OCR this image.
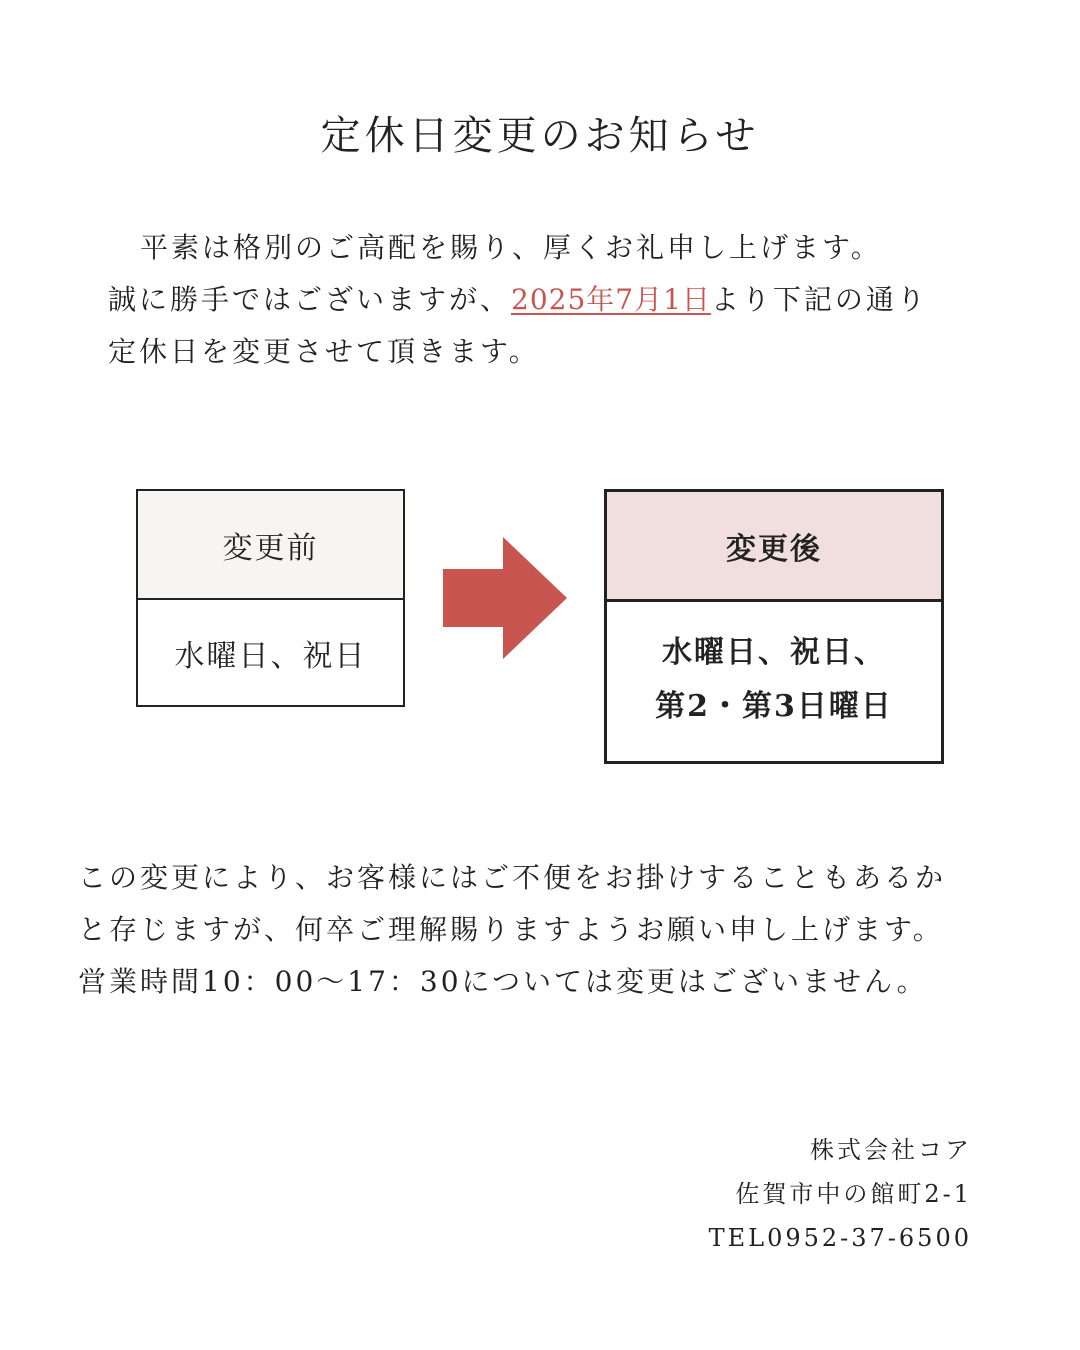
定休日変更のお知らせ
平素は格別のご高配を賜り、厚くお礼申し上げます。
誠に勝手ではございますが、2025年7月1日より下記の通り
定休日を変更させて頂きます。
変更前
水曜日、祝日
変更後
水曜日、祝日、
第2・第3日曜日
この変更により、お客様にはご不便をお掛けすることもあるか
と存じますが、何卒ご理解賜りますようお願い申し上げます。
営業時間10：00～17：30については変更はございません。
株式会社コア
佐賀市中の館町2-1
TEL0952-37-6500
